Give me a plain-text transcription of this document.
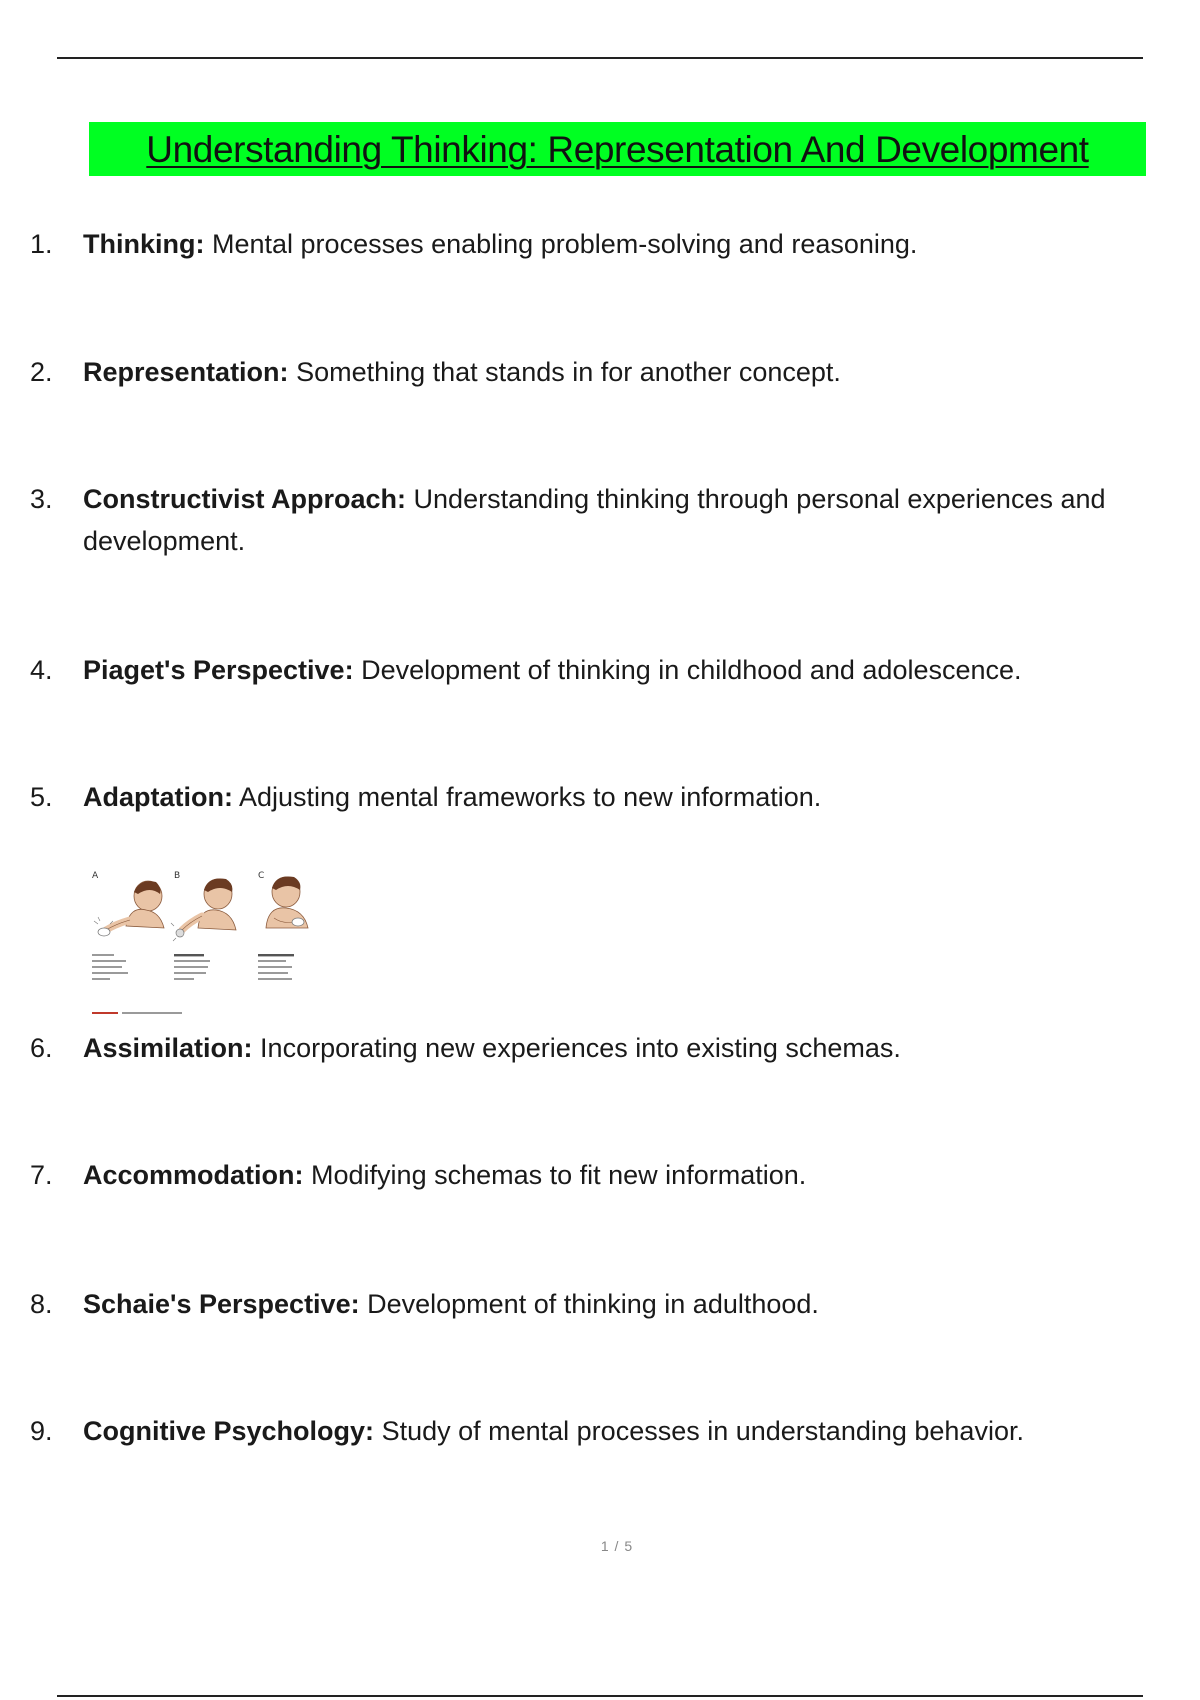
Understanding Thinking: Representation And Development
1.	Thinking: Mental processes enabling problem-solving and reasoning.
2.	Representation: Something that stands in for another concept.
3.	Constructivist Approach: Understanding thinking through personal experiences and development.
4.	Piaget's Perspective: Development of thinking in childhood and adolescence.
5.	Adaptation: Adjusting mental frameworks to new information.
A	B	C
6.	Assimilation: Incorporating new experiences into existing schemas.
7.	Accommodation: Modifying schemas to fit new information.
8.	Schaie's Perspective: Development of thinking in adulthood.
9.	Cognitive Psychology: Study of mental processes in understanding behavior.
1 / 5
